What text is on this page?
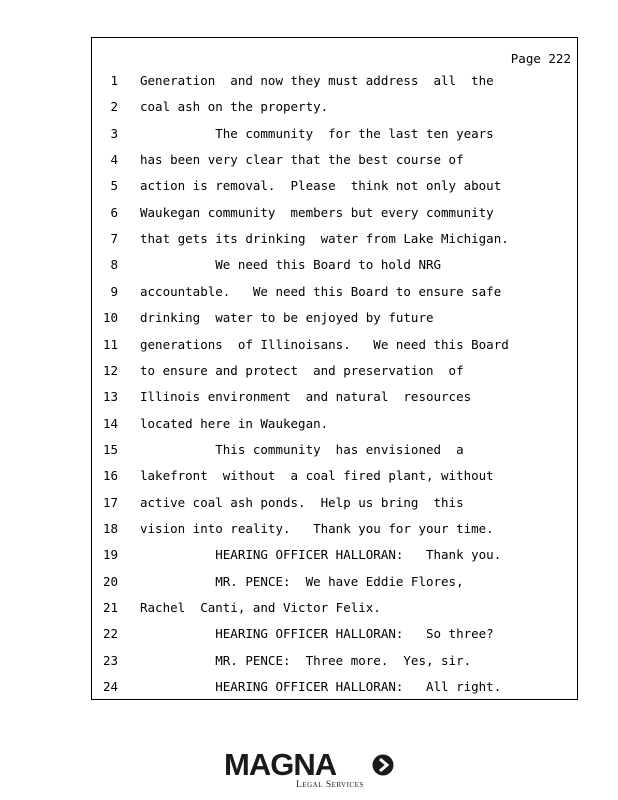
Page 222
1 Generation  and now they must address  all  the
2 coal ash on the property.
3 The community  for the last ten years
4 has been very clear that the best course of
5 action is removal.  Please  think not only about
6 Waukegan community  members but every community
7 that gets its drinking  water from Lake Michigan.
8 We need this Board to hold NRG
9 accountable.   We need this Board to ensure safe
10 drinking  water to be enjoyed by future
11 generations  of Illinoisans.   We need this Board
12 to ensure and protect  and preservation  of
13 Illinois environment  and natural  resources
14 located here in Waukegan.
15 This community  has envisioned  a
16 lakefront  without  a coal fired plant, without
17 active coal ash ponds.  Help us bring  this
18 vision into reality.   Thank you for your time.
19 HEARING OFFICER HALLORAN:   Thank you.
20 MR. PENCE:  We have Eddie Flores,
21 Rachel  Canti, and Victor Felix.
22 HEARING OFFICER HALLORAN:   So three?
23 MR. PENCE:  Three more.  Yes, sir.
24 HEARING OFFICER HALLORAN:   All right.
MAGNA
Legal Services
